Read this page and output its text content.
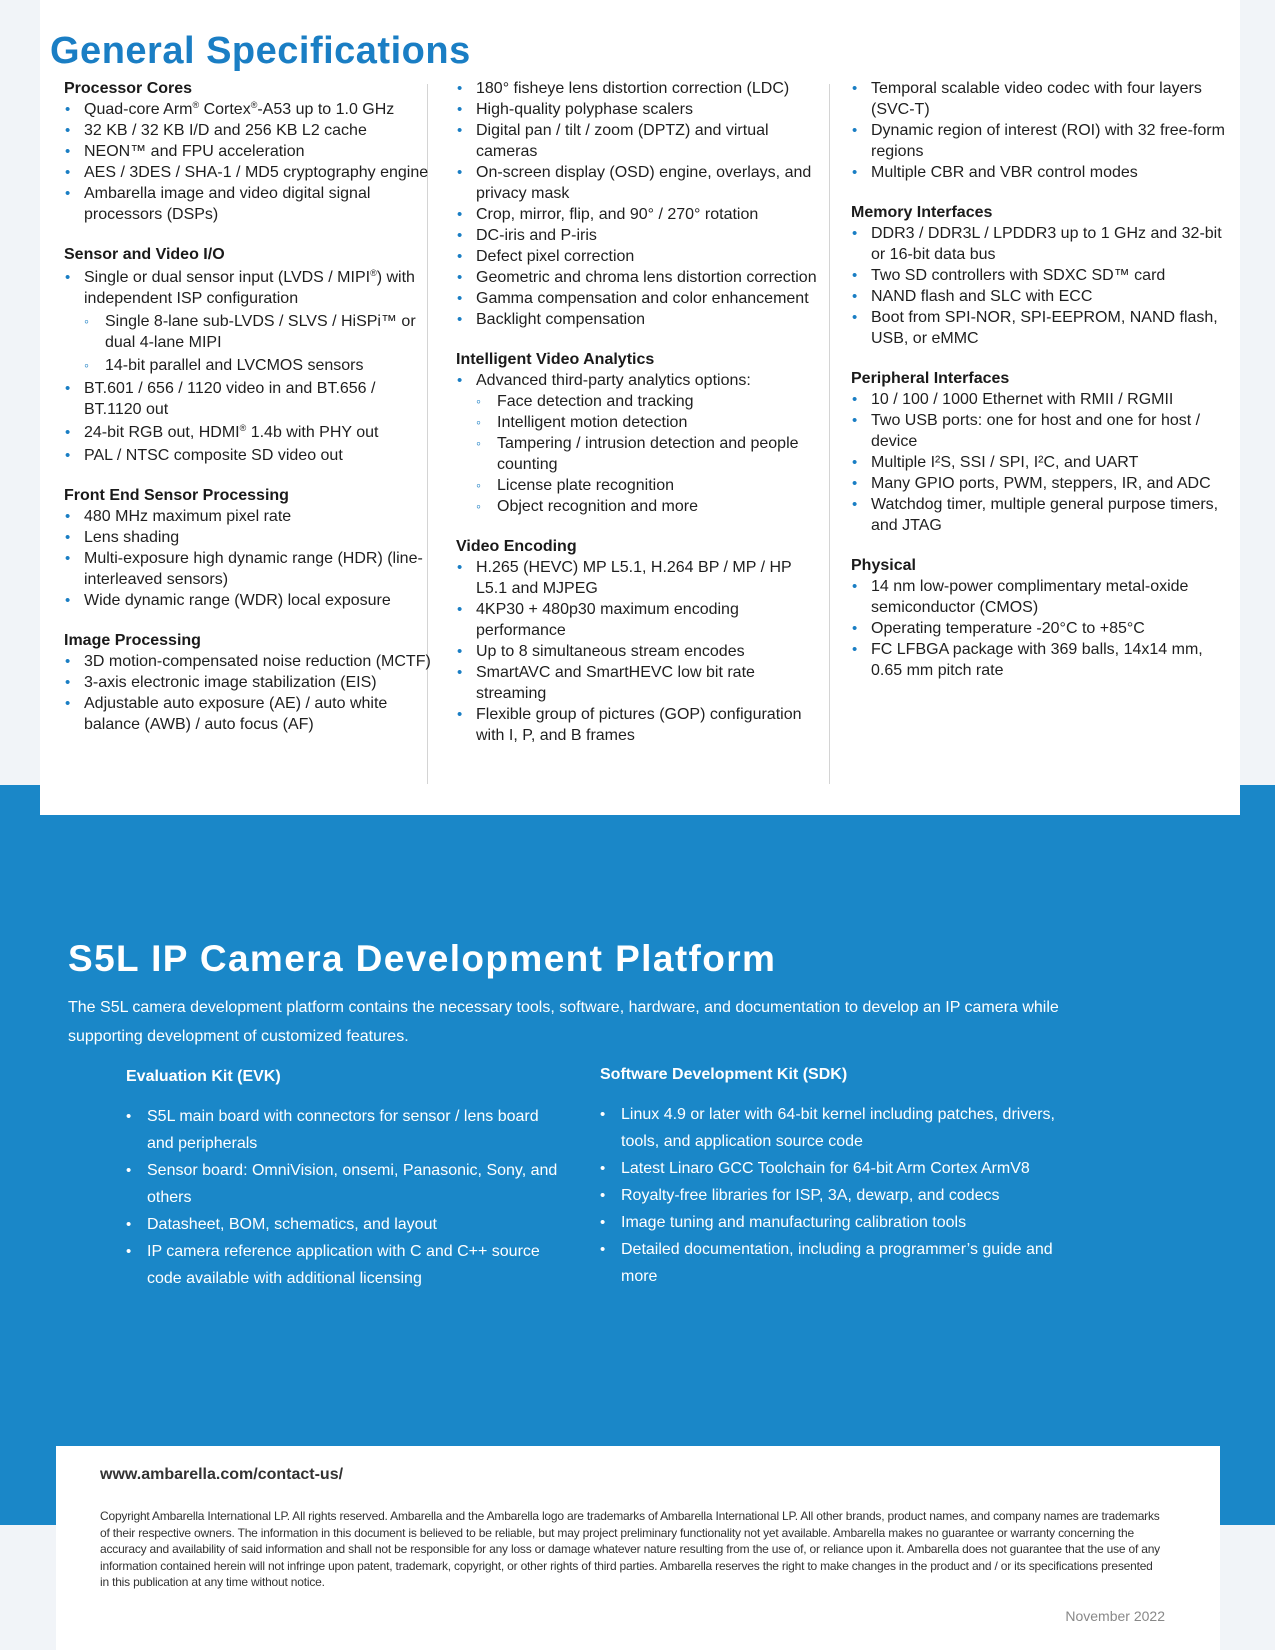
General Specifications
Processor Cores
• Quad-core Arm® Cortex®-A53 up to 1.0 GHz
• 32 KB / 32 KB I/D and 256 KB L2 cache
• NEON™ and FPU acceleration
• AES / 3DES / SHA-1 / MD5 cryptography engine
• Ambarella image and video digital signal processors (DSPs)
Sensor and Video I/O
• Single or dual sensor input (LVDS / MIPI®) with independent ISP configuration
◦ Single 8-lane sub-LVDS / SLVS / HiSPi™ or dual 4-lane MIPI
◦ 14-bit parallel and LVCMOS sensors
• BT.601 / 656 / 1120 video in and BT.656 / BT.1120 out
• 24-bit RGB out, HDMI® 1.4b with PHY out
• PAL / NTSC composite SD video out
Front End Sensor Processing
• 480 MHz maximum pixel rate
• Lens shading
• Multi-exposure high dynamic range (HDR) (line-interleaved sensors)
• Wide dynamic range (WDR) local exposure
Image Processing
• 3D motion-compensated noise reduction (MCTF)
• 3-axis electronic image stabilization (EIS)
• Adjustable auto exposure (AE) / auto white balance (AWB) / auto focus (AF)
• 180° fisheye lens distortion correction (LDC)
• High-quality polyphase scalers
• Digital pan / tilt / zoom (DPTZ) and virtual cameras
• On-screen display (OSD) engine, overlays, and privacy mask
• Crop, mirror, flip, and 90° / 270° rotation
• DC-iris and P-iris
• Defect pixel correction
• Geometric and chroma lens distortion correction
• Gamma compensation and color enhancement
• Backlight compensation
Intelligent Video Analytics
• Advanced third-party analytics options:
◦ Face detection and tracking
◦ Intelligent motion detection
◦ Tampering / intrusion detection and people counting
◦ License plate recognition
◦ Object recognition and more
Video Encoding
• H.265 (HEVC) MP L5.1, H.264 BP / MP / HP L5.1 and MJPEG
• 4KP30 + 480p30 maximum encoding performance
• Up to 8 simultaneous stream encodes
• SmartAVC and SmartHEVC low bit rate streaming
• Flexible group of pictures (GOP) configuration with I, P, and B frames
• Temporal scalable video codec with four layers (SVC-T)
• Dynamic region of interest (ROI) with 32 free-form regions
• Multiple CBR and VBR control modes
Memory Interfaces
• DDR3 / DDR3L / LPDDR3 up to 1 GHz and 32-bit or 16-bit data bus
• Two SD controllers with SDXC SD™ card
• NAND flash and SLC with ECC
• Boot from SPI-NOR, SPI-EEPROM, NAND flash, USB, or eMMC
Peripheral Interfaces
• 10 / 100 / 1000 Ethernet with RMII / RGMII
• Two USB ports: one for host and one for host / device
• Multiple I²S, SSI / SPI, I²C, and UART
• Many GPIO ports, PWM, steppers, IR, and ADC
• Watchdog timer, multiple general purpose timers, and JTAG
Physical
• 14 nm low-power complimentary metal-oxide semiconductor (CMOS)
• Operating temperature -20°C to +85°C
• FC LFBGA package with 369 balls, 14x14 mm, 0.65 mm pitch rate
S5L IP Camera Development Platform

The S5L camera development platform contains the necessary tools, software, hardware, and documentation to develop an IP camera while supporting development of customized features.

Evaluation Kit (EVK)
• S5L main board with connectors for sensor / lens board and peripherals
• Sensor board: OmniVision, onsemi, Panasonic, Sony, and others
• Datasheet, BOM, schematics, and layout
• IP camera reference application with C and C++ source code available with additional licensing
Software Development Kit (SDK)
• Linux 4.9 or later with 64-bit kernel including patches, drivers, tools, and application source code
• Latest Linaro GCC Toolchain for 64-bit Arm Cortex ArmV8
• Royalty-free libraries for ISP, 3A, dewarp, and codecs
• Image tuning and manufacturing calibration tools
• Detailed documentation, including a programmer’s guide and more
www.ambarella.com/contact-us/

Copyright Ambarella International LP. All rights reserved. Ambarella and the Ambarella logo are trademarks of Ambarella International LP. All other brands, product names, and company names are trademarks of their respective owners. The information in this document is believed to be reliable, but may project preliminary functionality not yet available. Ambarella makes no guarantee or warranty concerning the accuracy and availability of said information and shall not be responsible for any loss or damage whatever nature resulting from the use of, or reliance upon it. Ambarella does not guarantee that the use of any information contained herein will not infringe upon patent, trademark, copyright, or other rights of third parties. Ambarella reserves the right to make changes in the product and / or its specifications presented in this publication at any time without notice.

November 2022
